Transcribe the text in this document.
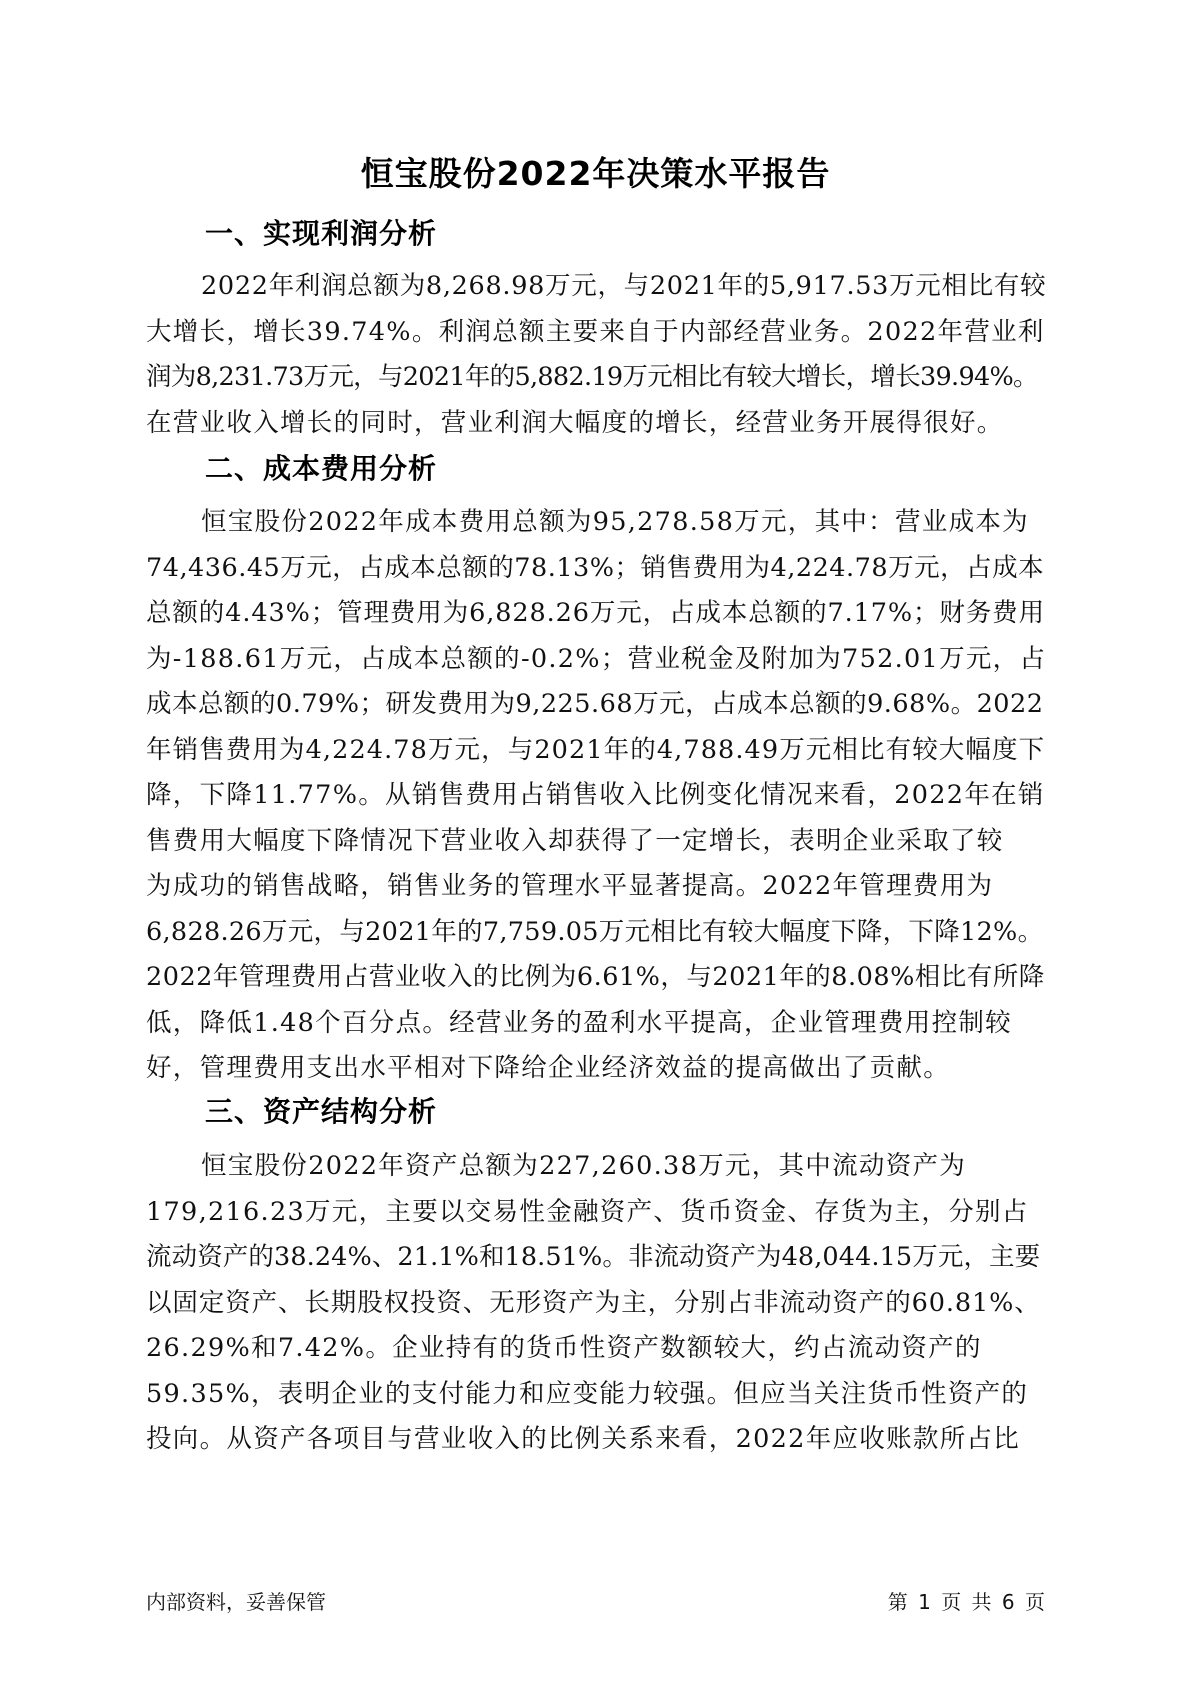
恒宝股份2022年决策水平报告
一、实现利润分析
2022年利润总额为8,268.98万元，与2021年的5,917.53万元相比有较
大增长，增长39.74%。利润总额主要来自于内部经营业务。2022年营业利
润为8,231.73万元，与2021年的5,882.19万元相比有较大增长，增长39.94%。
在营业收入增长的同时，营业利润大幅度的增长，经营业务开展得很好。
二、成本费用分析
恒宝股份2022年成本费用总额为95,278.58万元，其中：营业成本为
74,436.45万元，占成本总额的78.13%；销售费用为4,224.78万元，占成本
总额的4.43%；管理费用为6,828.26万元，占成本总额的7.17%；财务费用
为-188.61万元，占成本总额的-0.2%；营业税金及附加为752.01万元，占
成本总额的0.79%；研发费用为9,225.68万元，占成本总额的9.68%。2022
年销售费用为4,224.78万元，与2021年的4,788.49万元相比有较大幅度下
降，下降11.77%。从销售费用占销售收入比例变化情况来看，2022年在销
售费用大幅度下降情况下营业收入却获得了一定增长，表明企业采取了较
为成功的销售战略，销售业务的管理水平显著提高。2022年管理费用为
6,828.26万元，与2021年的7,759.05万元相比有较大幅度下降，下降12%。
2022年管理费用占营业收入的比例为6.61%，与2021年的8.08%相比有所降
低，降低1.48个百分点。经营业务的盈利水平提高，企业管理费用控制较
好，管理费用支出水平相对下降给企业经济效益的提高做出了贡献。
三、资产结构分析
恒宝股份2022年资产总额为227,260.38万元，其中流动资产为
179,216.23万元，主要以交易性金融资产、货币资金、存货为主，分别占
流动资产的38.24%、21.1%和18.51%。非流动资产为48,044.15万元，主要
以固定资产、长期股权投资、无形资产为主，分别占非流动资产的60.81%、
26.29%和7.42%。企业持有的货币性资产数额较大，约占流动资产的
59.35%，表明企业的支付能力和应变能力较强。但应当关注货币性资产的
投向。从资产各项目与营业收入的比例关系来看，2022年应收账款所占比
内部资料，妥善保管	第 1 页 共 6 页
